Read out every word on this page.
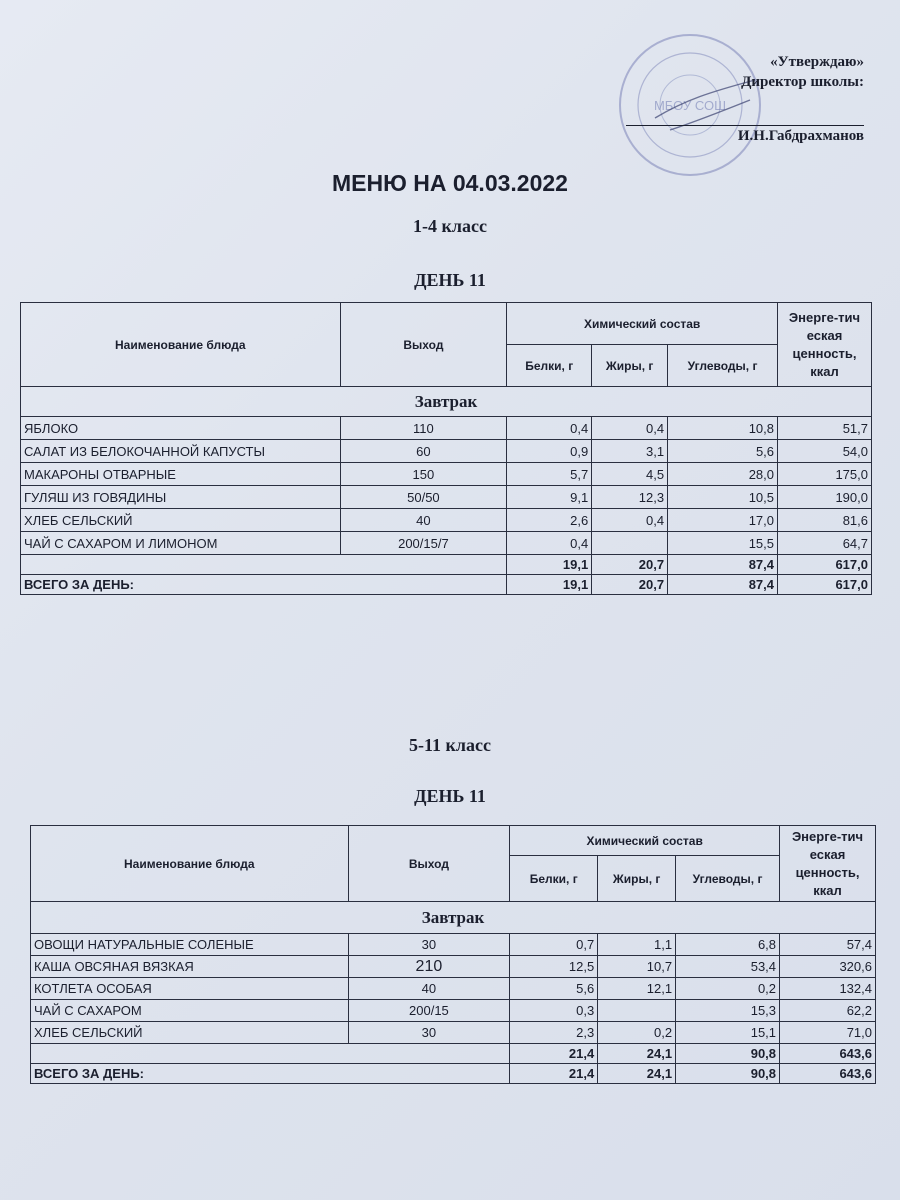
МБОУ СОШ
«Утверждаю»
Директор школы:
И.Н.Габдрахманов
МЕНЮ НА 04.03.2022
1-4 класс
ДЕНЬ 11
Наименование блюда	Выход	Химический состав			Энерге-тич еская ценность, ккал
		Белки, г	Жиры, г	Углеводы, г	
Завтрак					
ЯБЛОКО	110	0,4	0,4	10,8	51,7
САЛАТ ИЗ БЕЛОКОЧАННОЙ КАПУСТЫ	60	0,9	3,1	5,6	54,0
МАКАРОНЫ ОТВАРНЫЕ	150	5,7	4,5	28,0	175,0
ГУЛЯШ ИЗ ГОВЯДИНЫ	50/50	9,1	12,3	10,5	190,0
ХЛЕБ СЕЛЬСКИЙ	40	2,6	0,4	17,0	81,6
ЧАЙ С САХАРОМ И ЛИМОНОМ	200/15/7	0,4		15,5	64,7
		19,1	20,7	87,4	617,0
ВСЕГО ЗА ДЕНЬ:		19,1	20,7	87,4	617,0
5-11 класс
ДЕНЬ 11
Наименование блюда	Выход	Химический состав			Энерге-тич еская ценность, ккал
		Белки, г	Жиры, г	Углеводы, г	
Завтрак					
ОВОЩИ НАТУРАЛЬНЫЕ СОЛЕНЫЕ	30	0,7	1,1	6,8	57,4
КАША ОВСЯНАЯ ВЯЗКАЯ	210	12,5	10,7	53,4	320,6
КОТЛЕТА ОСОБАЯ	40	5,6	12,1	0,2	132,4
ЧАЙ С САХАРОМ	200/15	0,3		15,3	62,2
ХЛЕБ СЕЛЬСКИЙ	30	2,3	0,2	15,1	71,0
		21,4	24,1	90,8	643,6
ВСЕГО ЗА ДЕНЬ:		21,4	24,1	90,8	643,6
